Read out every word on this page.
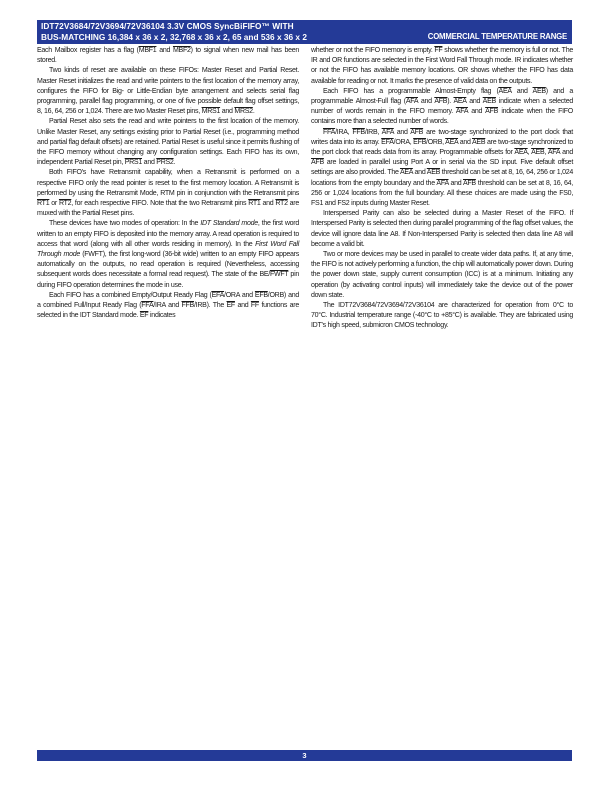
IDT72V3684/72V3694/72V36104 3.3V CMOS SyncBiFIFO™ WITH
BUS-MATCHING 16,384 x 36 x 2, 32,768 x 36 x 2, 65 and 536 x 36 x 2	COMMERCIAL TEMPERATURE RANGE

Each Mailbox register has a flag (MBF1 and MBF2) to signal when new mail has been stored.

Two kinds of reset are available on these FIFOs: Master Reset and Partial Reset. Master Reset initializes the read and write pointers to the first location of the memory array, configures the FIFO for Big- or Little-Endian byte arrangement and selects serial flag programming, parallel flag programming, or one of five possible default flag offset settings, 8, 16, 64, 256 or 1,024. There are two Master Reset pins, MRS1 and MRS2.

Partial Reset also sets the read and write pointers to the first location of the memory. Unlike Master Reset, any settings existing prior to Partial Reset (i.e., programming method and partial flag default offsets) are retained. Partial Reset is useful since it permits flushing of the FIFO memory without changing any configuration settings. Each FIFO has its own, independent Partial Reset pin, PRS1 and PRS2.

Both FIFO's have Retransmit capability, when a Retransmit is performed on a respective FIFO only the read pointer is reset to the first memory location. A Retransmit is performed by using the Retransmit Mode, RTM pin in conjunction with the Retransmit pins RT1 or RT2, for each respective FIFO. Note that the two Retransmit pins RT1 and RT2 are muxed with the Partial Reset pins.

These devices have two modes of operation: In the IDT Standard mode, the first word written to an empty FIFO is deposited into the memory array. A read operation is required to access that word (along with all other words residing in memory). In the First Word Fall Through mode (FWFT), the first long-word (36-bit wide) written to an empty FIFO appears automatically on the outputs, no read operation is required (Nevertheless, accessing subsequent words does necessitate a formal read request). The state of the BE/FWFT pin during FIFO operation determines the mode in use.

Each FIFO has a combined Empty/Output Ready Flag ($\overline{EFA}$/ORA and $\overline{EFB}/ORB$) and a combined Full/Input Ready Flag ($\overline{FFA}$/IRA and $\overline{FFB}/IRB$). The $\overline{EF}$ and $\overline{FF}$ functions are selected in the IDT Standard mode. $\overline{EF}$ indicates

whether or not the FIFO memory is empty. $\overline{FF}$ shows whether the memory is full or not. The IR and OR functions are selected in the First Word Fall Through mode. IR indicates whether or not the FIFO has available memory locations. OR shows whether the FIFO has data available for reading or not. It marks the presence of valid data on the outputs.

Each FIFO has a programmable Almost-Empty flag ($\overline{AEA}$ and $\overline{AEB}$) and a programmable Almost-Full flag ($\overline{AFA}$ and $\overline{AFB}$). $\overline{AEA}$ and $\overline{AEB}$ indicate when a selected number of words remain in the FIFO memory. $\overline{AFA}$ and $\overline{AFB}$ indicate when the FIFO contains more than a selected number of words.

$\overline{FFA}$/IRA, $\overline{FFB}$/IRB, $\overline{AFA}$ and $\overline{AFB}$ are two-stage synchronized to the port clock that writes data into its array. $\overline{EFA}$/ORA, $\overline{EFB}$/ORB, $\overline{AEA}$ and $\overline{AEB}$ are two-stage synchronized to the port clock that reads data from its array. Programmable offsets for $\overline{AEA}$, $\overline{AEB}$, $\overline{AFA}$ and $\overline{AFB}$ are loaded in parallel using Port A or in serial via the SD input. Five default offset settings are also provided. The $\overline{AEA}$ and $\overline{AEB}$ threshold can be set at 8, 16, 64, 256 or 1,024 locations from the empty boundary and the $\overline{AFA}$ and $\overline{AFB}$ threshold can be set at 8, 16, 64, 256 or 1,024 locations from the full boundary. All these choices are made using the FS0, FS1 and FS2 inputs during Master Reset.

Interspersed Parity can also be selected during a Master Reset of the FIFO. If Interspersed Parity is selected then during parallel programming of the flag offset values, the device will ignore data line A8. If Non-Interspersed Parity is selected then data line A8 will become a valid bit.

Two or more devices may be used in parallel to create wider data paths. If, at any time, the FIFO is not actively performing a function, the chip will automatically power down. During the power down state, supply current consumption (ICC) is at a minimum. Initiating any operation (by activating control inputs) will immediately take the device out of the power down state.

The IDT72V3684/72V3694/72V36104 are characterized for operation from 0°C to 70°C. Industrial temperature range (-40°C to +85°C) is available. They are fabricated using IDT's high speed, submicron CMOS technology.

3
